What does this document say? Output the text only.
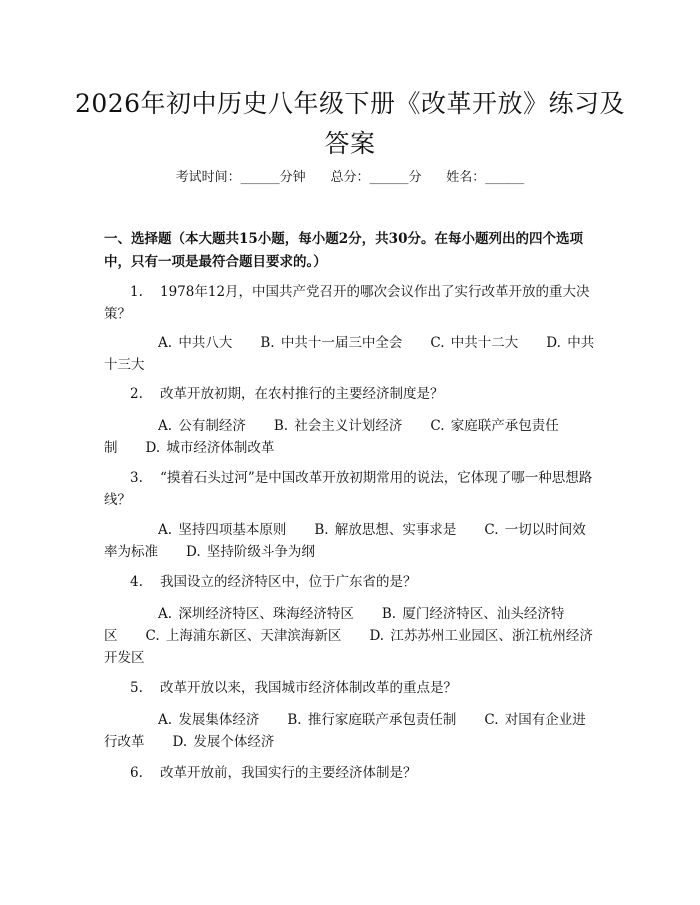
2026年初中历史八年级下册《改革开放》练习及答案
考试时间：______分钟 总分：______分 姓名：______
一、选择题（本大题共15小题，每小题2分，共30分。在每小题列出的四个选项中，只有一项是最符合题目要求的。）
1. 1978年12月，中国共产党召开的哪次会议作出了实行改革开放的重大决策？
A. 中共八大 B. 中共十一届三中全会 C. 中共十二大 D. 中共十三大
2. 改革开放初期，在农村推行的主要经济制度是？
A. 公有制经济 B. 社会主义计划经济 C. 家庭联产承包责任制 D. 城市经济体制改革
3. “摸着石头过河”是中国改革开放初期常用的说法，它体现了哪一种思想路线？
A. 坚持四项基本原则 B. 解放思想、实事求是 C. 一切以时间效率为标准 D. 坚持阶级斗争为纲
4. 我国设立的经济特区中，位于广东省的是？
A. 深圳经济特区、珠海经济特区 B. 厦门经济特区、汕头经济特区 C. 上海浦东新区、天津滨海新区 D. 江苏苏州工业园区、浙江杭州经济开发区
5. 改革开放以来，我国城市经济体制改革的重点是？
A. 发展集体经济 B. 推行家庭联产承包责任制 C. 对国有企业进行改革 D. 发展个体经济
6. 改革开放前，我国实行的主要经济体制是？
